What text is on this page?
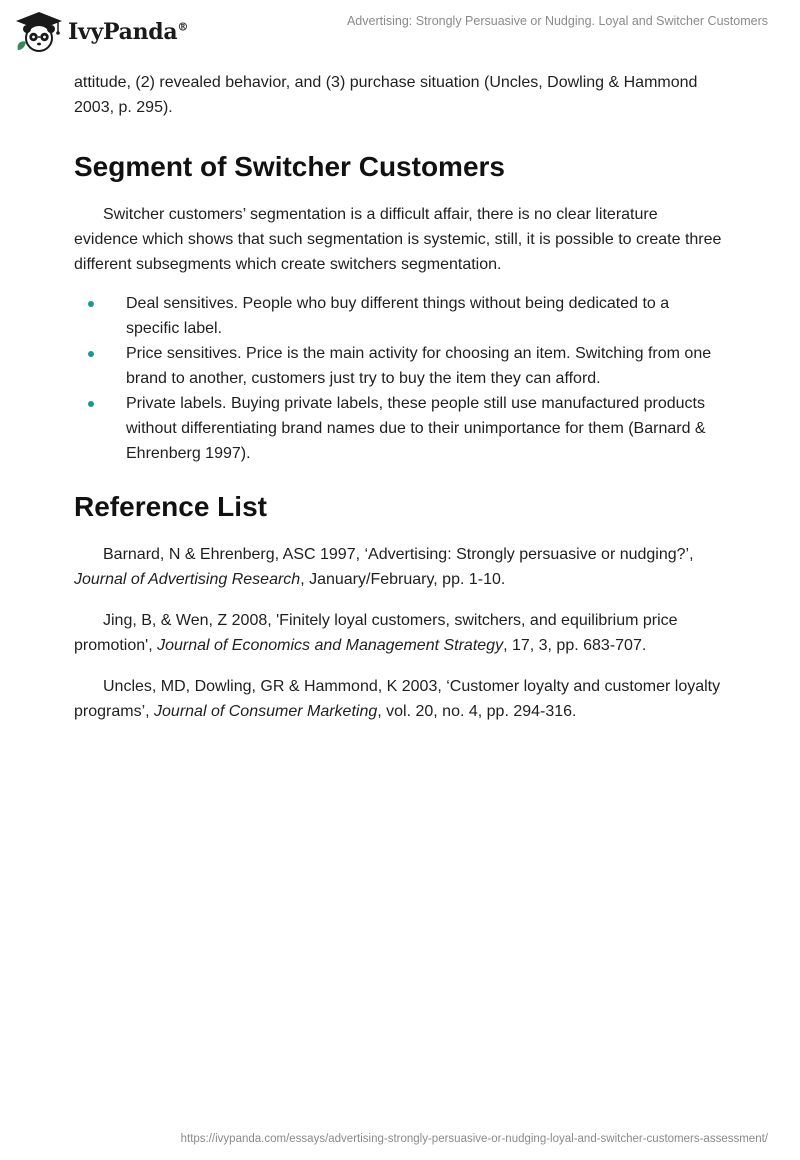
IvyPanda®	Advertising: Strongly Persuasive or Nudging. Loyal and Switcher Customers

attitude, (2) revealed behavior, and (3) purchase situation (Uncles, Dowling & Hammond 2003, p. 295).

Segment of Switcher Customers

Switcher customers’ segmentation is a difficult affair, there is no clear literature evidence which shows that such segmentation is systemic, still, it is possible to create three different subsegments which create switchers segmentation.

Deal sensitives. People who buy different things without being dedicated to a specific label.
Price sensitives. Price is the main activity for choosing an item. Switching from one brand to another, customers just try to buy the item they can afford.
Private labels. Buying private labels, these people still use manufactured products without differentiating brand names due to their unimportance for them (Barnard & Ehrenberg 1997).
Reference List

Barnard, N & Ehrenberg, ASC 1997, ‘Advertising: Strongly persuasive or nudging?’, Journal of Advertising Research, January/February, pp. 1-10.

Jing, B, & Wen, Z 2008, 'Finitely loyal customers, switchers, and equilibrium price promotion', Journal of Economics and Management Strategy, 17, 3, pp. 683-707.

Uncles, MD, Dowling, GR & Hammond, K 2003, ‘Customer loyalty and customer loyalty programs’, Journal of Consumer Marketing, vol. 20, no. 4, pp. 294-316.

https://ivypanda.com/essays/advertising-strongly-persuasive-or-nudging-loyal-and-switcher-customers-assessment/
